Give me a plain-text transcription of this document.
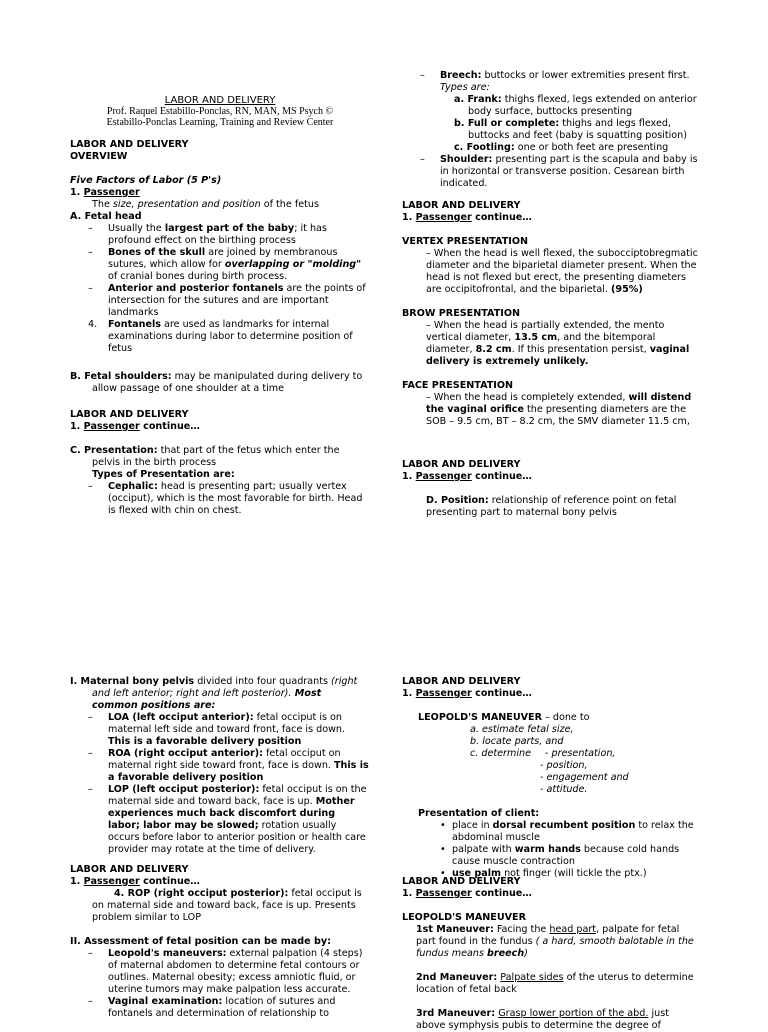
LABOR AND DELIVERY

Prof. Raquel Estabillo-Ponclas, RN, MAN, MS Psych ©

Estabillo-Ponclas Learning, Training and Review Center

LABOR AND DELIVERY

OVERVIEW

Five Factors of Labor (5 P's)

1. Passenger

The size, presentation and position of the fetus

A. Fetal head

– Usually the largest part of the baby; it has profound effect on the birthing process
– Bones of the skull are joined by membranous sutures, which allow for overlapping or "molding" of cranial bones during birth process.
– Anterior and posterior fontanels are the points of intersection for the sutures and are important landmarks
4. Fontanels are used as landmarks for internal examinations during labor to determine position of fetus

B. Fetal shoulders: may be manipulated during delivery to allow passage of one shoulder at a time

LABOR AND DELIVERY

1. Passenger continue…

C. Presentation: that part of the fetus which enter the pelvis in the birth process

Types of Presentation are:

– Cephalic: head is presenting part; usually vertex (occiput), which is the most favorable for birth. Head is flexed with chin on chest.
– Breech: buttocks or lower extremities present first.

Types are:

a. Frank: thighs flexed, legs extended on anterior body surface, buttocks presenting

b. Full or complete: thighs and legs flexed, buttocks and feet (baby is squatting position)

c. Footling: one or both feet are presenting

– Shoulder: presenting part is the scapula and baby is in horizontal or transverse position. Cesarean birth indicated.

LABOR AND DELIVERY

1. Passenger continue…

VERTEX PRESENTATION

– When the head is well flexed, the subocciptobregmatic diameter and the biparietal diameter present. When the head is not flexed but erect, the presenting diameters are occipitofrontal, and the biparietal. (95%)

BROW PRESENTATION

– When the head is partially extended, the mento vertical diameter, 13.5 cm, and the bitemporal diameter, 8.2 cm. If this presentation persist, vaginal delivery is extremely unlikely.

FACE PRESENTATION

– When the head is completely extended, will distend the vaginal orifice the presenting diameters are the SOB – 9.5 cm, BT – 8.2 cm, the SMV diameter 11.5 cm,

LABOR AND DELIVERY

1. Passenger continue…

D. Position: relationship of reference point on fetal presenting part to maternal bony pelvis

I. Maternal bony pelvis divided into four quadrants (right and left anterior; right and left posterior). Most common positions are:

– LOA (left occiput anterior): fetal occiput is on maternal left side and toward front, face is down. This is a favorable delivery position
– ROA (right occiput anterior): fetal occiput on maternal right side toward front, face is down. This is a favorable delivery position
– LOP (left occiput posterior): fetal occiput is on the maternal side and toward back, face is up. Mother experiences much back discomfort during labor; labor may be slowed; rotation usually occurs before labor to anterior position or health care provider may rotate at the time of delivery.

LABOR AND DELIVERY

1. Passenger continue…

4. ROP (right occiput posterior): fetal occiput is on maternal side and toward back, face is up. Presents problem similar to LOP

II. Assessment of fetal position can be made by:

– Leopold's maneuvers: external palpation (4 steps) of maternal abdomen to determine fetal contours or outlines. Maternal obesity; excess amniotic fluid, or uterine tumors may make palpation less accurate.
– Vaginal examination: location of sutures and fontanels and determination of relationship to

LABOR AND DELIVERY

1. Passenger continue…

LEOPOLD'S MANEUVER – done to

a. estimate fetal size,

b. locate parts, and

c. determine - presentation,

- position,

- engagement and

- attitude.

Presentation of client:

• place in dorsal recumbent position to relax the abdominal muscle
• palpate with warm hands because cold hands cause muscle contraction
• use palm not finger (will tickle the ptx.)

LABOR AND DELIVERY

1. Passenger continue…

LEOPOLD'S MANEUVER

1st Maneuver: Facing the head part, palpate for fetal part found in the fundus ( a hard, smooth balotable in the fundus means breech)

2nd Maneuver: Palpate sides of the uterus to determine location of fetal back

3rd Maneuver: Grasp lower portion of the abd. just above symphysis pubis to determine the degree of
